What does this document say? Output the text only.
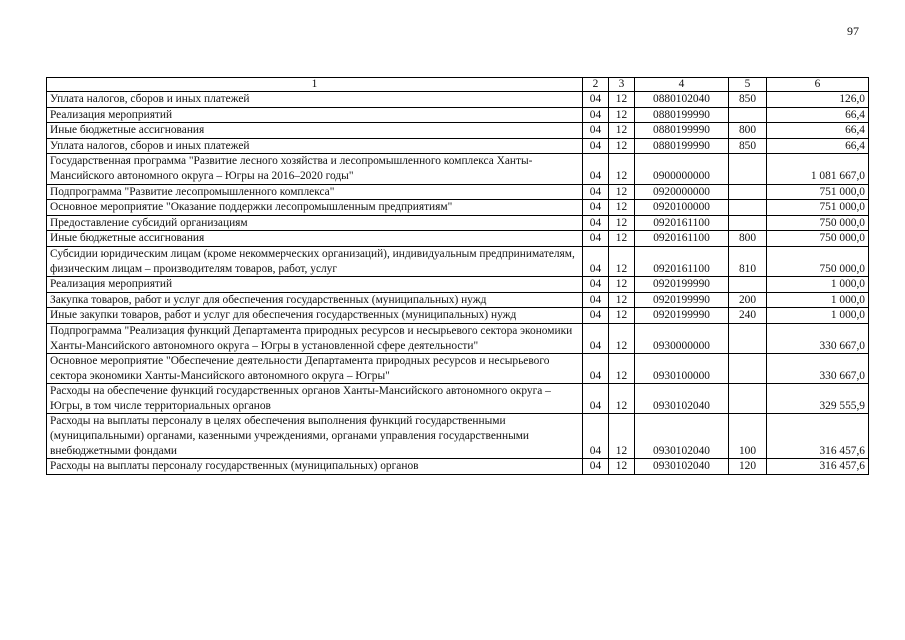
97
1	2	3	4	5	6
Уплата налогов, сборов и иных платежей	04	12	0880102040	850	126,0
Реализация мероприятий	04	12	0880199990		66,4
Иные бюджетные ассигнования	04	12	0880199990	800	66,4
Уплата налогов, сборов и иных платежей	04	12	0880199990	850	66,4
Государственная программа "Развитие лесного хозяйства и лесопромышленного комплекса Ханты-Мансийского автономного округа – Югры на 2016–2020 годы"	04	12	0900000000		1 081 667,0
Подпрограмма "Развитие лесопромышленного комплекса"	04	12	0920000000		751 000,0
Основное мероприятие "Оказание поддержки лесопромышленным предприятиям"	04	12	0920100000		751 000,0
Предоставление субсидий организациям	04	12	0920161100		750 000,0
Иные бюджетные ассигнования	04	12	0920161100	800	750 000,0
Субсидии юридическим лицам (кроме некоммерческих организаций), индивидуальным предпринимателям, физическим лицам – производителям товаров, работ, услуг	04	12	0920161100	810	750 000,0
Реализация мероприятий	04	12	0920199990		1 000,0
Закупка товаров, работ и услуг для обеспечения государственных (муниципальных) нужд	04	12	0920199990	200	1 000,0
Иные закупки товаров, работ и услуг для обеспечения государственных (муниципальных) нужд	04	12	0920199990	240	1 000,0
Подпрограмма "Реализация функций Департамента природных ресурсов и несырьевого сектора экономики Ханты-Мансийского автономного округа – Югры в установленной сфере деятельности"	04	12	0930000000		330 667,0
Основное мероприятие "Обеспечение деятельности Департамента природных ресурсов и несырьевого сектора экономики Ханты-Мансийского автономного округа – Югры"	04	12	0930100000		330 667,0
Расходы на обеспечение функций государственных органов Ханты-Мансийского автономного округа – Югры, в том числе территориальных органов	04	12	0930102040		329 555,9
Расходы на выплаты персоналу в целях обеспечения выполнения функций государственными (муниципальными) органами, казенными учреждениями, органами управления государственными внебюджетными фондами	04	12	0930102040	100	316 457,6
Расходы на выплаты персоналу государственных (муниципальных) органов	04	12	0930102040	120	316 457,6
